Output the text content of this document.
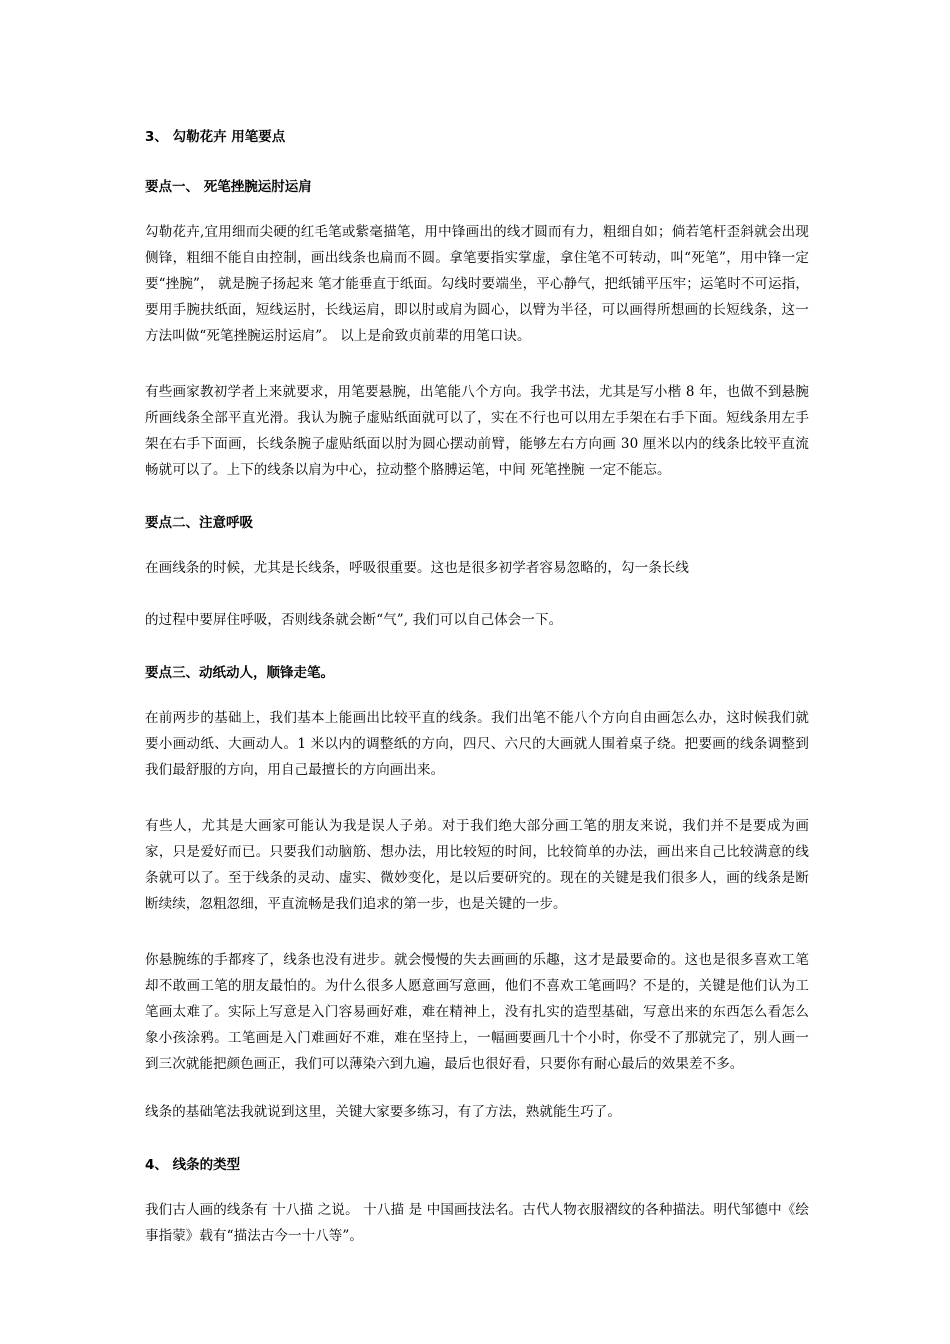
3、 勾勒花卉 用笔要点
要点一、 死笔挫腕运肘运肩

勾勒花卉,宜用细而尖硬的红毛笔或紫毫描笔，用中锋画出的线才圆而有力，粗细自如；倘若笔杆歪斜就会出现侧锋，粗细不能自由控制，画出线条也扁而不圆。拿笔要指实掌虚，拿住笔不可转动，叫“死笔”，用中锋一定要“挫腕”， 就是腕子扬起来 笔才能垂直于纸面。勾线时要端坐，平心静气，把纸铺平压牢；运笔时不可运指，要用手腕扶纸面，短线运肘，长线运肩，即以肘或肩为圆心，以臂为半径，可以画得所想画的长短线条，这一方法叫做“死笔挫腕运肘运肩”。 以上是俞致贞前辈的用笔口诀。

有些画家教初学者上来就要求，用笔要悬腕，出笔能八个方向。我学书法，尤其是写小楷 8 年，也做不到悬腕所画线条全部平直光滑。我认为腕子虚贴纸面就可以了，实在不行也可以用左手架在右手下面。短线条用左手架在右手下面画，长线条腕子虚贴纸面以肘为圆心摆动前臂，能够左右方向画 30 厘米以内的线条比较平直流畅就可以了。上下的线条以肩为中心，拉动整个胳膊运笔，中间 死笔挫腕 一定不能忘。

要点二、注意呼吸

在画线条的时候，尤其是长线条，呼吸很重要。这也是很多初学者容易忽略的，勾一条长线

的过程中要屏住呼吸，否则线条就会断“气”, 我们可以自己体会一下。

要点三、动纸动人，顺锋走笔。

在前两步的基础上，我们基本上能画出比较平直的线条。我们出笔不能八个方向自由画怎么办，这时候我们就要小画动纸、大画动人。1 米以内的调整纸的方向，四尺、六尺的大画就人围着桌子绕。把要画的线条调整到我们最舒服的方向，用自己最擅长的方向画出来。

有些人，尤其是大画家可能认为我是误人子弟。对于我们绝大部分画工笔的朋友来说，我们并不是要成为画家，只是爱好而已。只要我们动脑筋、想办法，用比较短的时间，比较简单的办法，画出来自己比较满意的线条就可以了。至于线条的灵动、虚实、微妙变化，是以后要研究的。现在的关键是我们很多人，画的线条是断断续续，忽粗忽细，平直流畅是我们追求的第一步，也是关键的一步。

你悬腕练的手都疼了，线条也没有进步。就会慢慢的失去画画的乐趣，这才是最要命的。这也是很多喜欢工笔却不敢画工笔的朋友最怕的。为什么很多人愿意画写意画，他们不喜欢工笔画吗？不是的，关键是他们认为工笔画太难了。实际上写意是入门容易画好难，难在精神上，没有扎实的造型基础，写意出来的东西怎么看怎么象小孩涂鸦。工笔画是入门难画好不难，难在坚持上，一幅画要画几十个小时，你受不了那就完了，别人画一到三次就能把颜色画正，我们可以薄染六到九遍，最后也很好看，只要你有耐心最后的效果差不多。

线条的基础笔法我就说到这里，关键大家要多练习，有了方法，熟就能生巧了。

4、 线条的类型

我们古人画的线条有 十八描 之说。 十八描 是 中国画技法名。古代人物衣服褶纹的各种描法。明代邹德中《绘事指蒙》载有“描法古今一十八等”。
